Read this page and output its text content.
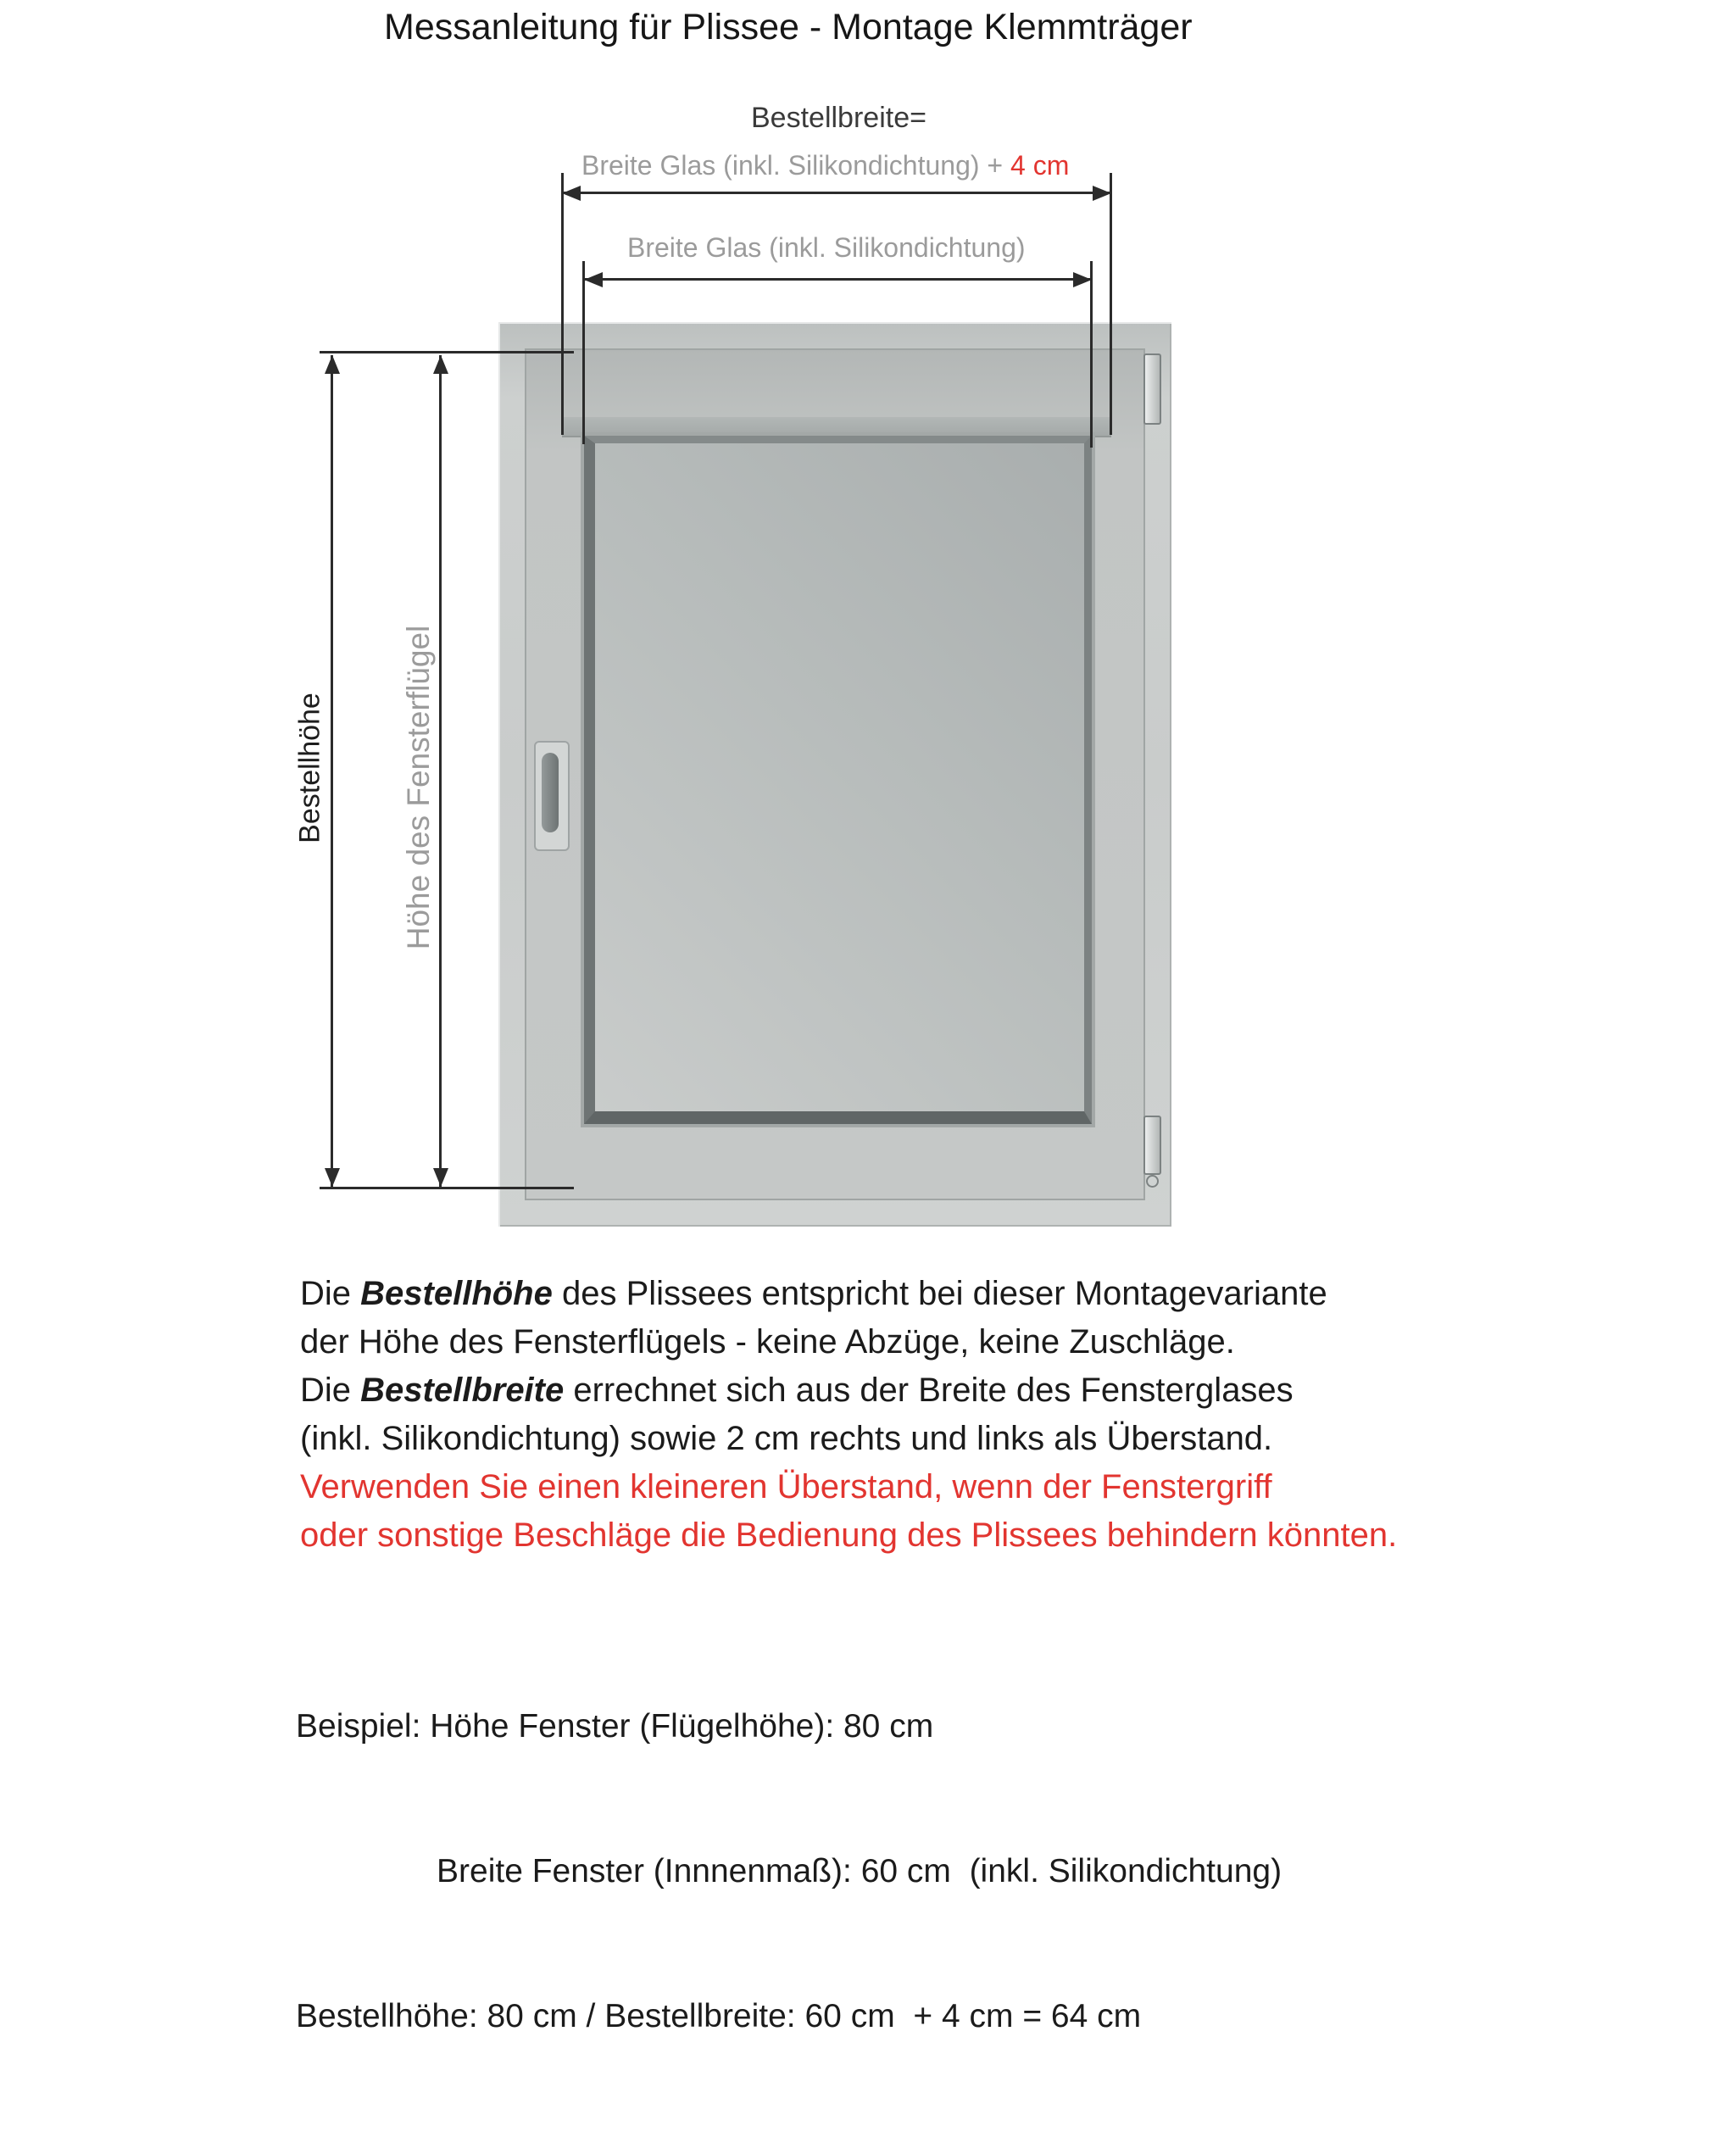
Messanleitung für Plissee - Montage Klemmträger
Bestellbreite=
Breite Glas (inkl. Silikondichtung) + 4 cm
Breite Glas (inkl. Silikondichtung)
Bestellhöhe Höhe des Fensterflügel
Die Bestellhöhe des Plissees entspricht bei dieser Montagevariante
der Höhe des Fensterflügels - keine Abzüge, keine Zuschläge.
Die Bestellbreite errechnet sich aus der Breite des Fensterglases
(inkl. Silikondichtung) sowie 2 cm rechts und links als Überstand.
Verwenden Sie einen kleineren Überstand, wenn der Fenstergriff
oder sonstige Beschläge die Bedienung des Plissees behindern könnten.

Beispiel: Höhe Fenster (Flügelhöhe): 80 cm

Breite Fenster (Innnenmaß): 60 cm  (inkl. Silikondichtung)

Bestellhöhe: 80 cm / Bestellbreite: 60 cm  + 4 cm = 64 cm
